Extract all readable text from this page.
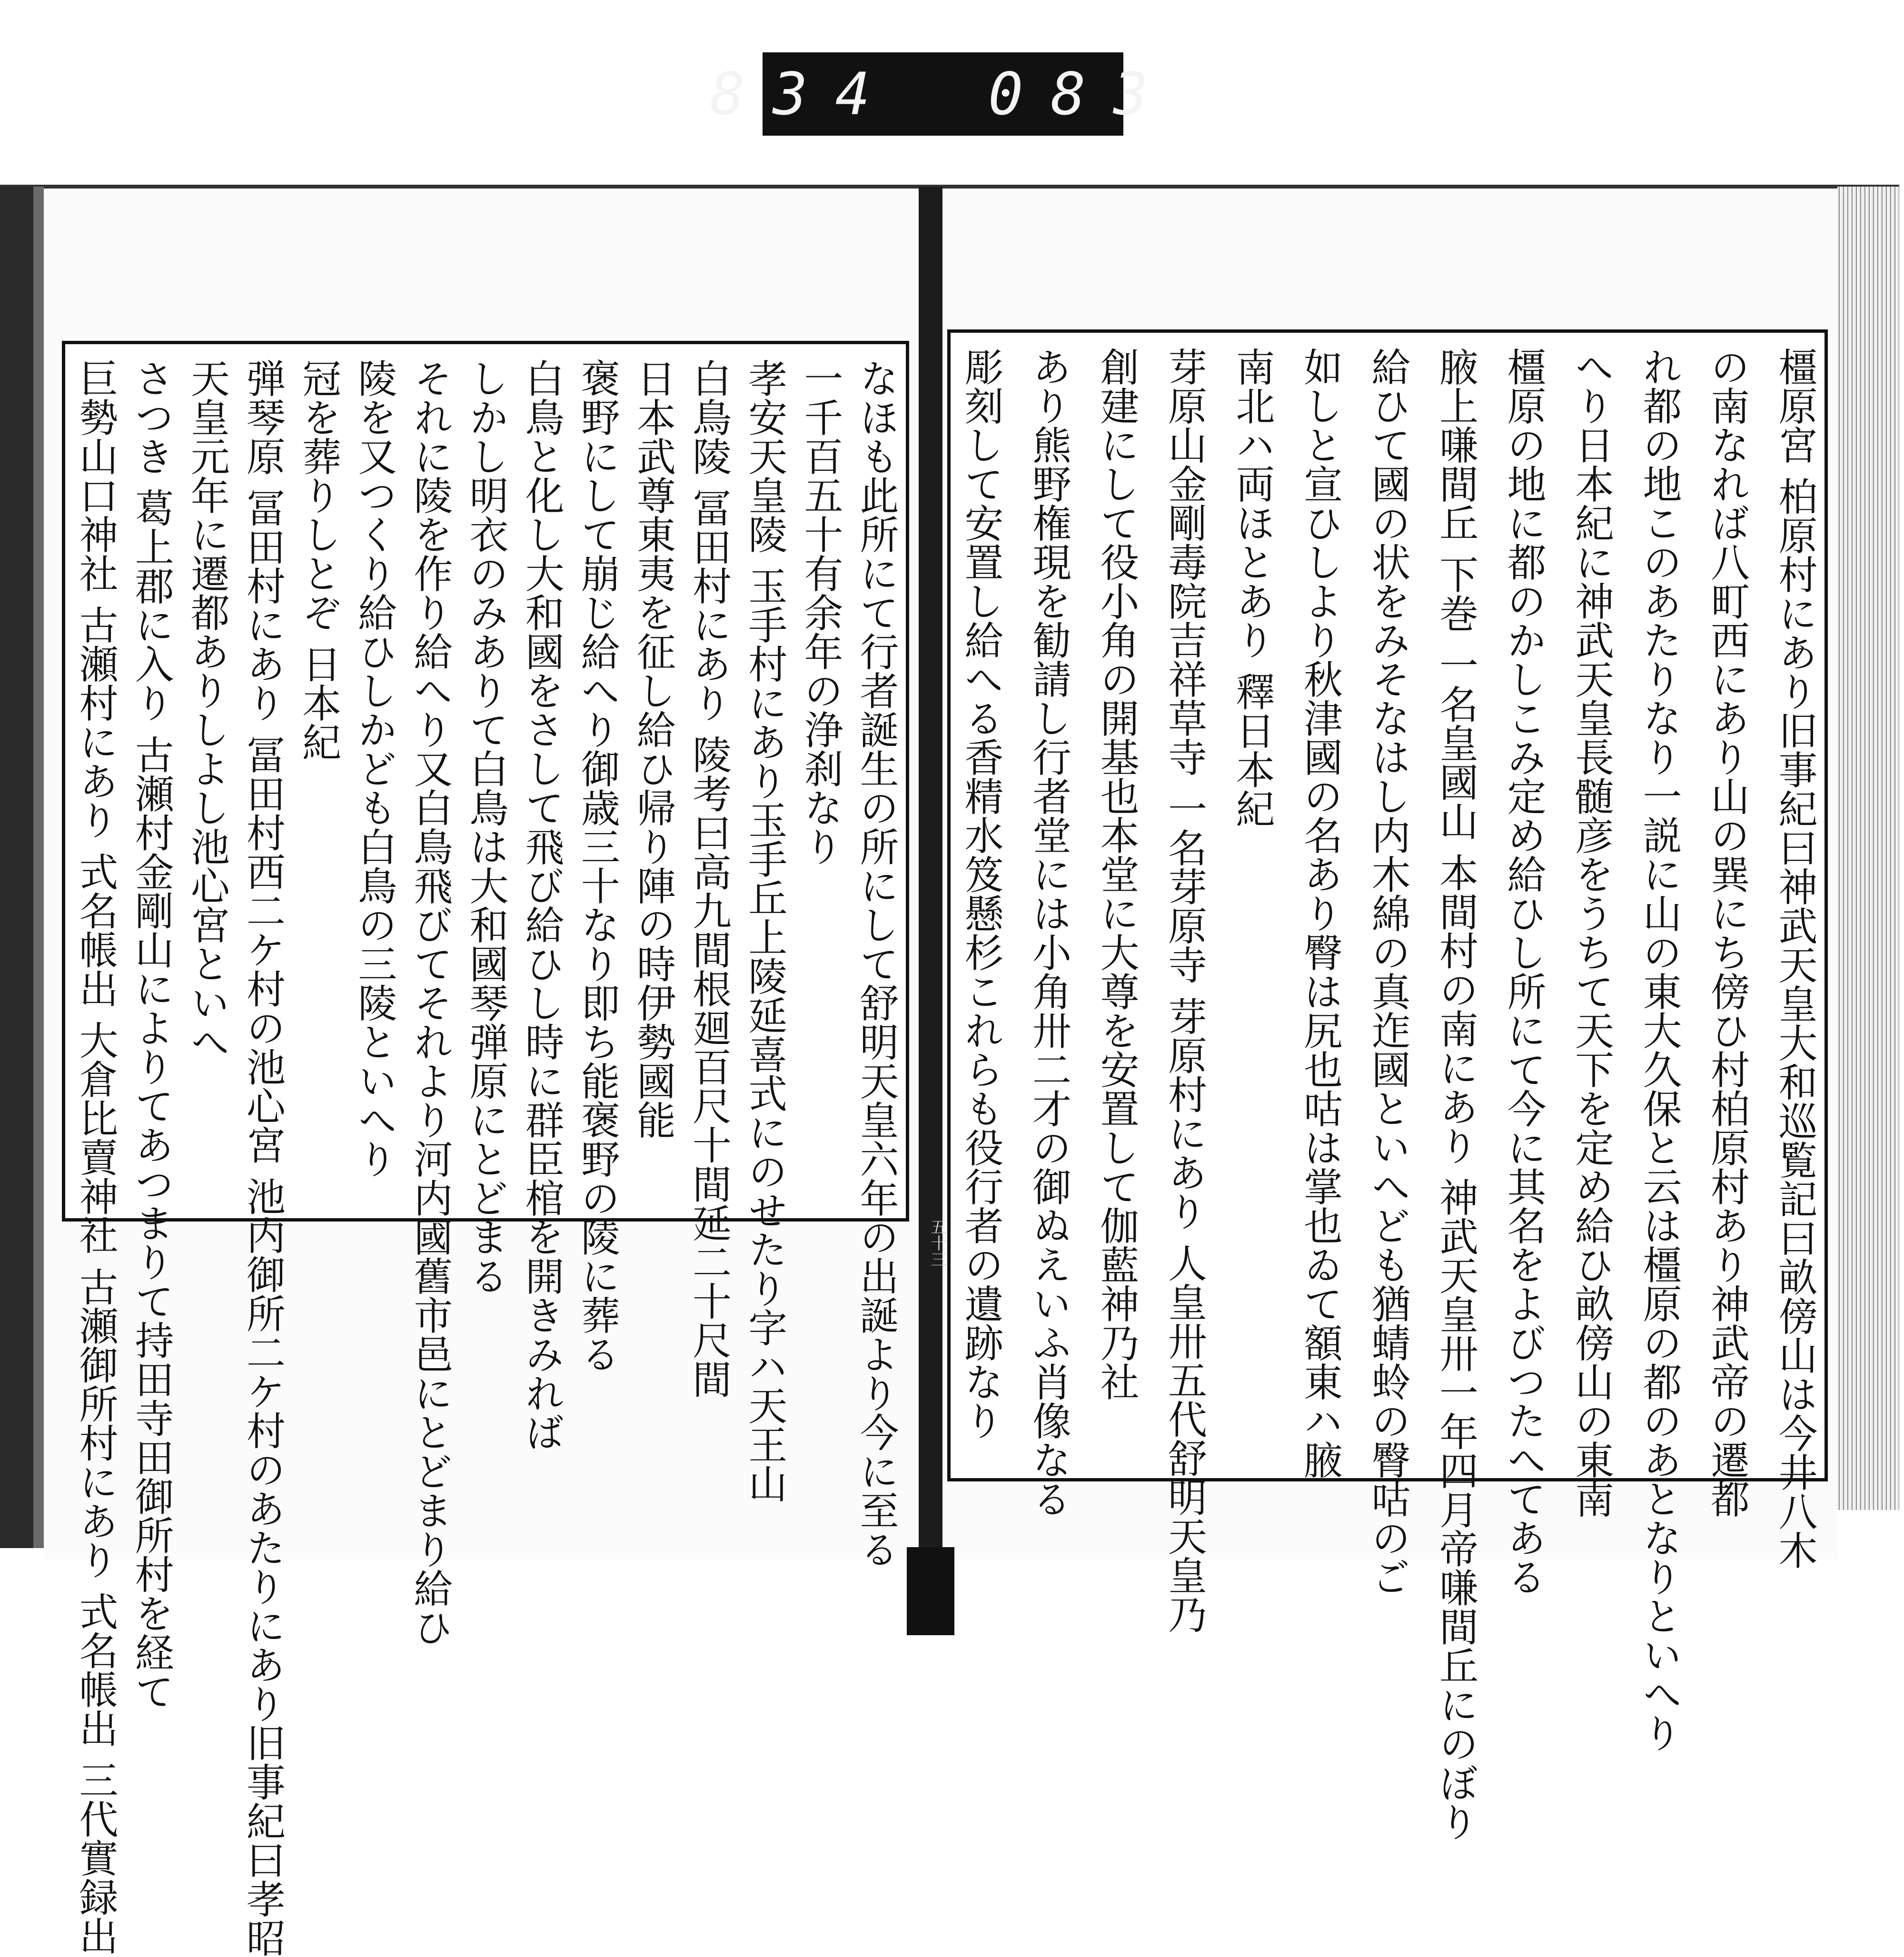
834 083
橿原宮 柏原村にあり旧事紀曰神武天皇大和巡覧記曰畝傍山は今井八木
の南なれば八町西にあり山の巽にち傍ひ村柏原村あり神武帝の遷都
れ都の地このあたりなり一説に山の東大久保と云は橿原の都のあとなりといへり
へり日本紀に神武天皇長髄彦をうちて天下を定め給ひ畝傍山の東南
橿原の地に都のかしこみ定め給ひし所にて今に其名をよびつたへてある
腋上嗛間丘 下巻 一名皇國山 本間村の南にあり 神武天皇卅一年四月帝嗛間丘にのぼり
給ひて國の状をみそなはし内木綿の真迮國といへども猶蜻蛉の臀咕のご
如しと宣ひしより秋津國の名あり臀は尻也咕は掌也ゐて額東ハ腋
南北ハ両ほとあり 釋日本紀
芽原山金剛毒院吉祥草寺 一名芽原寺 芽原村にあり 人皇卅五代舒明天皇乃
創建にして役小角の開基也本堂に大尊を安置して伽藍神乃社
あり熊野権現を勧請し行者堂には小角卅二才の御ぬえいふ肖像なる
彫刻して安置し給へる香精水笈懸杉これらも役行者の遺跡なり
なほも此所にて行者誕生の所にして舒明天皇六年の出誕より今に至る
一千百五十有余年の浄刹なり
孝安天皇陵 玉手村にあり玉手丘上陵延喜式にのせたり字ハ天王山
白鳥陵 冨田村にあり 陵考曰高九間根廻百尺十間延二十尺間
日本武尊東夷を征し給ひ帰り陣の時伊勢國能
褒野にして崩じ給へり御歳三十なり即ち能褒野の陵に葬る
白鳥と化し大和國をさして飛び給ひし時に群臣棺を開きみれば
しかし明衣のみありて白鳥は大和國琴弾原にとどまる
それに陵を作り給へり又白鳥飛びてそれより河内國舊市邑にとどまり給ひ
陵を又つくり給ひしかども白鳥の三陵といへり
冠を葬りしとぞ 日本紀
弾琴原 冨田村にあり 冨田村西二ケ村の池心宮 池内御所二ケ村のあたりにあり旧事紀曰孝昭
天皇元年に遷都ありしよし池心宮といへ
さつき 葛上郡に入り 古瀬村金剛山によりてあつまりて持田寺田御所村を経て
巨勢山口神社 古瀬村にあり 式名帳出 大倉比賣神社 古瀬御所村にあり 式名帳出 三代實録出	五十三
